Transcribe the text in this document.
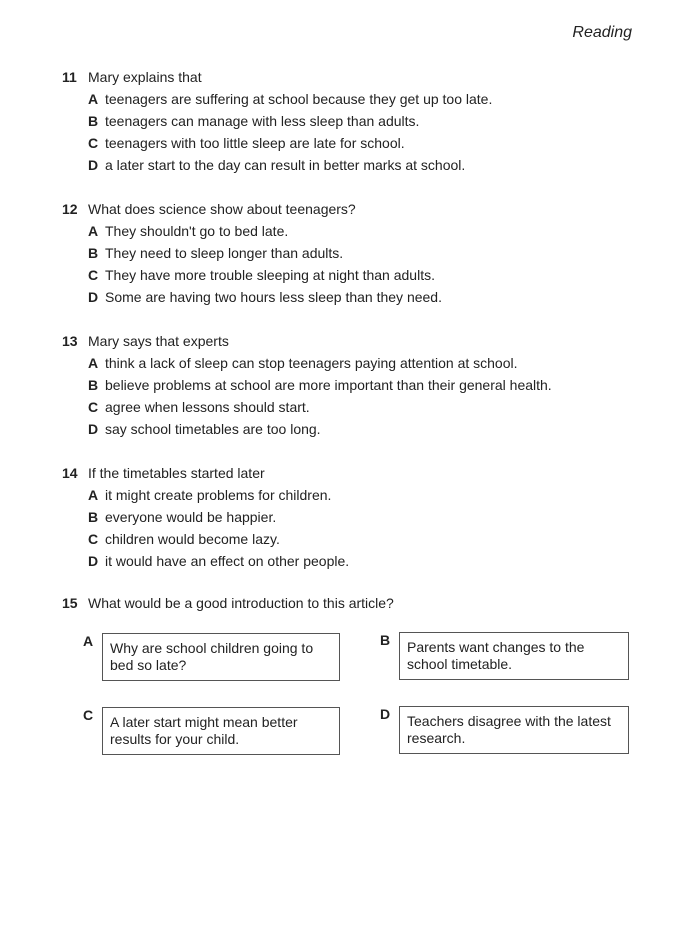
Reading
11 Mary explains that
A teenagers are suffering at school because they get up too late.
B teenagers can manage with less sleep than adults.
C teenagers with too little sleep are late for school.
D a later start to the day can result in better marks at school.
12 What does science show about teenagers?
A They shouldn't go to bed late.
B They need to sleep longer than adults.
C They have more trouble sleeping at night than adults.
D Some are having two hours less sleep than they need.
13 Mary says that experts
A think a lack of sleep can stop teenagers paying attention at school.
B believe problems at school are more important than their general health.
C agree when lessons should start.
D say school timetables are too long.
14 If the timetables started later
A it might create problems for children.
B everyone would be happier.
C children would become lazy.
D it would have an effect on other people.
15 What would be a good introduction to this article?
A Why are school children going to
bed so late?
B Parents want changes to the
school timetable.
C A later start might mean better
results for your child.
D Teachers disagree with the latest
research.
